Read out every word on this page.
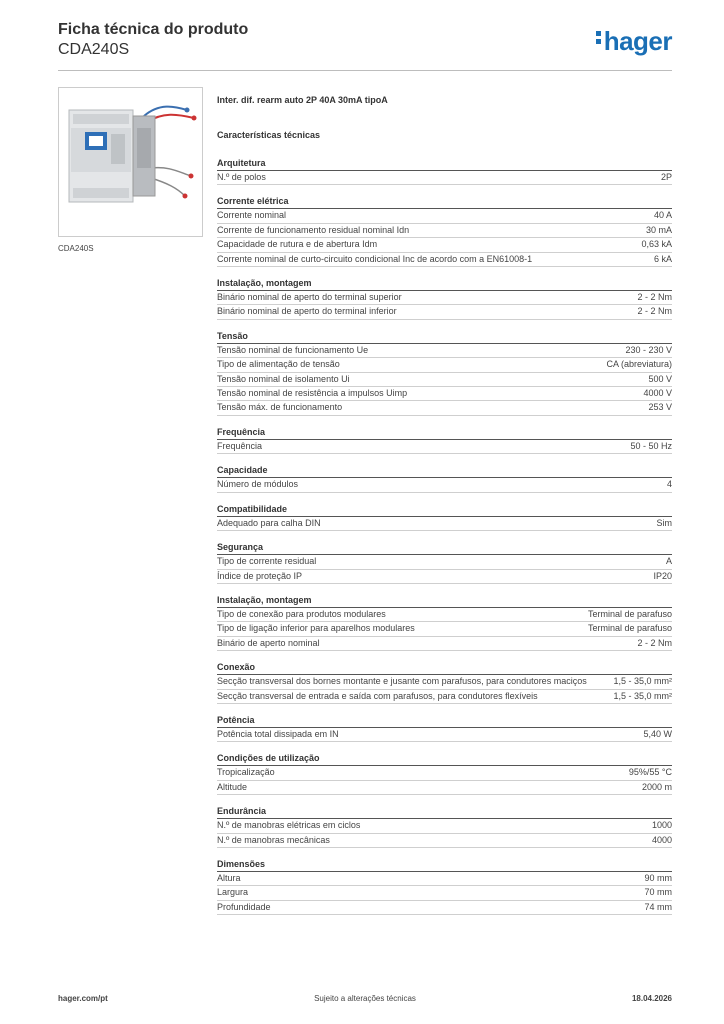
Ficha técnica do produto
CDA240S	hager
CDA240S
Inter. dif. rearm auto 2P 40A 30mA tipoA
Características técnicas
Arquitetura
N.º de polos	2P
Corrente elétrica
Corrente nominal	40 A
Corrente de funcionamento residual nominal Idn	30 mA
Capacidade de rutura e de abertura Idm	0,63 kA
Corrente nominal de curto-circuito condicional Inc de acordo com a EN61008-1	6 kA
Instalação, montagem
Binário nominal de aperto do terminal superior	2 - 2 Nm
Binário nominal de aperto do terminal inferior	2 - 2 Nm
Tensão
Tensão nominal de funcionamento Ue	230 - 230 V
Tipo de alimentação de tensão	CA (abreviatura)
Tensão nominal de isolamento Ui	500 V
Tensão nominal de resistência a impulsos Uimp	4000 V
Tensão máx. de funcionamento	253 V
Frequência
Frequência	50 - 50 Hz
Capacidade
Número de módulos	4
Compatibilidade
Adequado para calha DIN	Sim
Segurança
Tipo de corrente residual	A
Índice de proteção IP	IP20
Instalação, montagem
Tipo de conexão para produtos modulares	Terminal de parafuso
Tipo de ligação inferior para aparelhos modulares	Terminal de parafuso
Binário de aperto nominal	2 - 2 Nm
Conexão
Secção transversal dos bornes montante e jusante com parafusos, para condutores maciços	1,5 - 35,0 mm²
Secção transversal de entrada e saída com parafusos, para condutores flexíveis	1,5 - 35,0 mm²
Potência
Potência total dissipada em IN	5,40 W
Condições de utilização
Tropicalização	95%/55 °C
Altitude	2000 m
Endurância
N.º de manobras elétricas em ciclos	1000
N.º de manobras mecânicas	4000
Dimensões
Altura	90 mm
Largura	70 mm
Profundidade	74 mm
hager.com/pt	Sujeito a alterações técnicas	18.04.2026
